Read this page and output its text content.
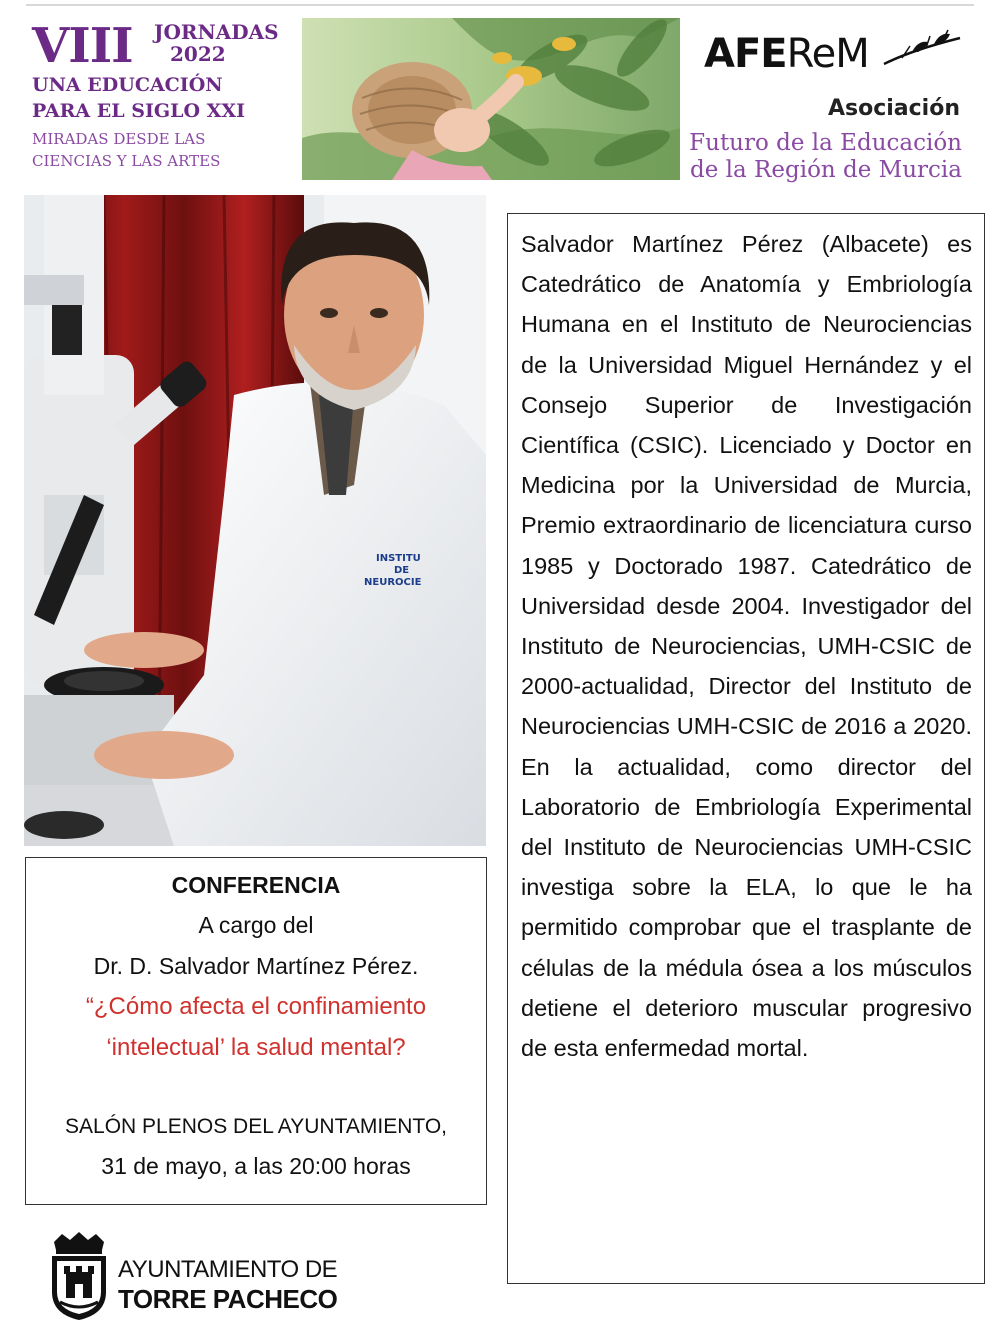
VIII JORNADAS
2022
UNA EDUCACIÓN
PARA EL SIGLO XXI
MIRADAS DESDE LAS
CIENCIAS Y LAS ARTES
AFEReM
Asociación
Futuro de la Educación
de la Región de Murcia
INSTITU
DE
NEUROCIE
CONFERENCIA
A cargo del
Dr. D. Salvador Martínez Pérez.
“¿Cómo afecta el confinamiento
‘intelectual’ la salud mental?
SALÓN PLENOS DEL AYUNTAMIENTO,
31 de mayo, a las 20:00 horas
Salvador Martínez Pérez (Albacete) es Catedrático de Anatomía y Embriología Humana en el Instituto de Neurociencias de la Universidad Miguel Hernández y el Consejo Superior de Investigación Científica (CSIC). Licenciado y Doctor en Medicina por la Universidad de Murcia, Premio extraordinario de licenciatura curso 1985 y Doctorado 1987. Catedrático de Universidad desde 2004. Investigador del Instituto de Neurociencias, UMH-CSIC de 2000-actualidad, Director del Instituto de Neurociencias UMH-CSIC de 2016 a 2020. En la actualidad, como director del Laboratorio de Embriología Experimental del Instituto de Neurociencias UMH-CSIC investiga sobre la ELA, lo que le ha permitido comprobar que el trasplante de células de la médula ósea a los músculos detiene el deterioro muscular progresivo de esta enfermedad mortal.
AYUNTAMIENTO DE
TORRE PACHECO
